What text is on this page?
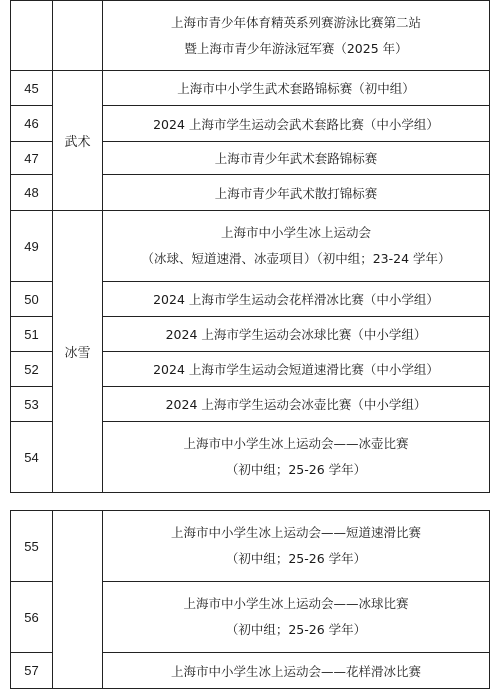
		上海市青少年体育精英系列赛游泳比赛第二站
暨上海市青少年游泳冠军赛（2025 年）

45	武术	上海市中小学生武术套路锦标赛（初中组）
46		2024 上海市学生运动会武术套路比赛（中小学组）
47		上海市青少年武术套路锦标赛
48		上海市青少年武术散打锦标赛
49	冰雪	上海市中小学生冰上运动会
（冰球、短道速滑、冰壶项目）（初中组；23-24 学年）

50		2024 上海市学生运动会花样滑冰比赛（中小学组）
51		2024 上海市学生运动会冰球比赛（中小学组）
52		2024 上海市学生运动会短道速滑比赛（中小学组）
53		2024 上海市学生运动会冰壶比赛（中小学组）
54		上海市中小学生冰上运动会——冰壶比赛
（初中组；25-26 学年）
55		上海市中小学生冰上运动会——短道速滑比赛
（初中组；25-26 学年）

56		上海市中小学生冰上运动会——冰球比赛
（初中组；25-26 学年）

57		上海市中小学生冰上运动会——花样滑冰比赛
